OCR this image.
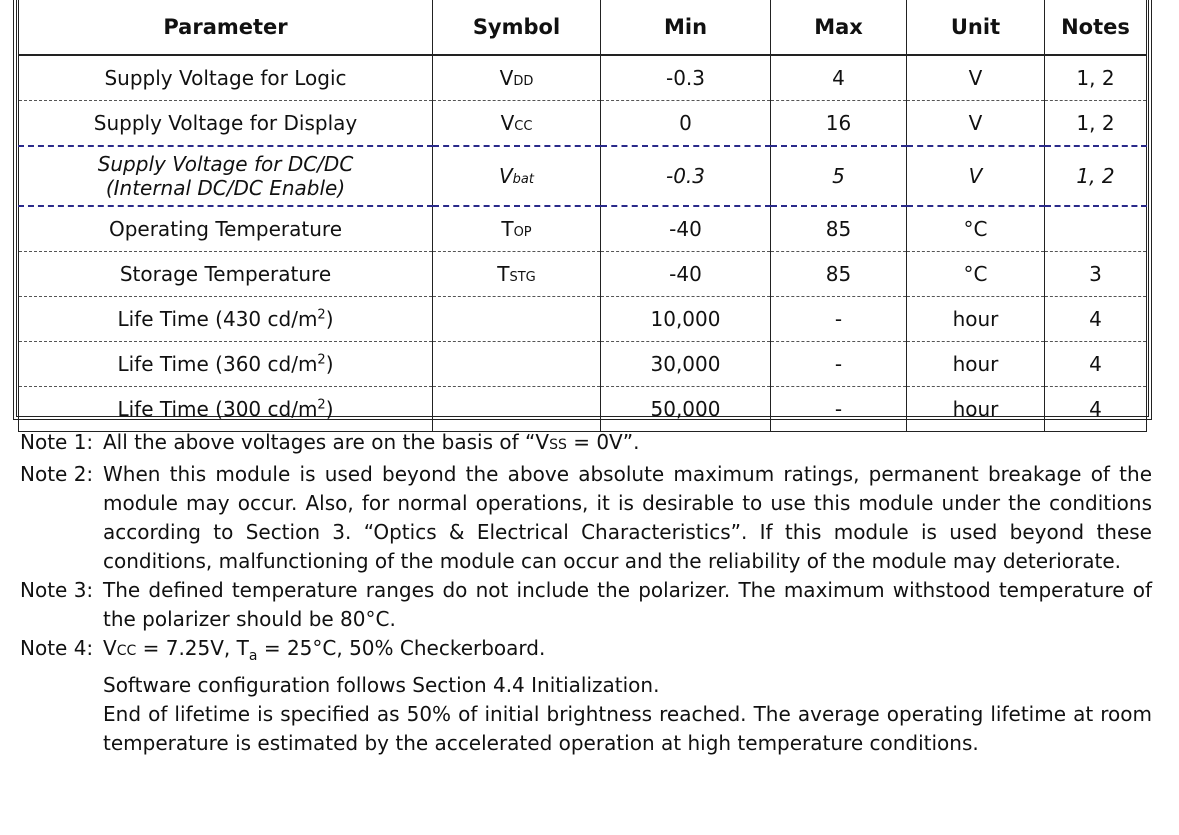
Parameter	Symbol	Min	Max	Unit	Notes
Supply Voltage for Logic	VDD	-0.3	4	V	1, 2
Supply Voltage for Display	VCC	0	16	V	1, 2

Supply Voltage for DC/DC
(Internal DC/DC Enable)	Vbat	-0.3	5	V	1, 2
Operating Temperature	TOP	-40	85	°C	
Storage Temperature	TSTG	-40	85	°C	3
Life Time (430 $cd/m^2$)		10,000	-	hour	4
Life Time (360 $cd/m^2$)		30,000	-	hour	4
Life Time (300 $cd/m^2$)		50,000	-	hour	4
Note 1: All the above voltages are on the basis of “VSS = 0V”.
Note 2: When this module is used beyond the above absolute maximum ratings, permanent breakage of the module may occur. Also, for normal operations, it is desirable to use this module under the conditions according to Section 3. “Optics & Electrical Characteristics”. If this module is used beyond these conditions, malfunctioning of the module can occur and the reliability of the module may deteriorate.
Note 3: The defined temperature ranges do not include the polarizer. The maximum withstood temperature of the polarizer should be 80°C.
Note 4: VCC = 7.25V, $T_a = 25^\circ C$, 50% Checkerboard.
Software configuration follows Section 4.4 Initialization.
End of lifetime is specified as 50% of initial brightness reached. The average operating lifetime at room temperature is estimated by the accelerated operation at high temperature conditions.
